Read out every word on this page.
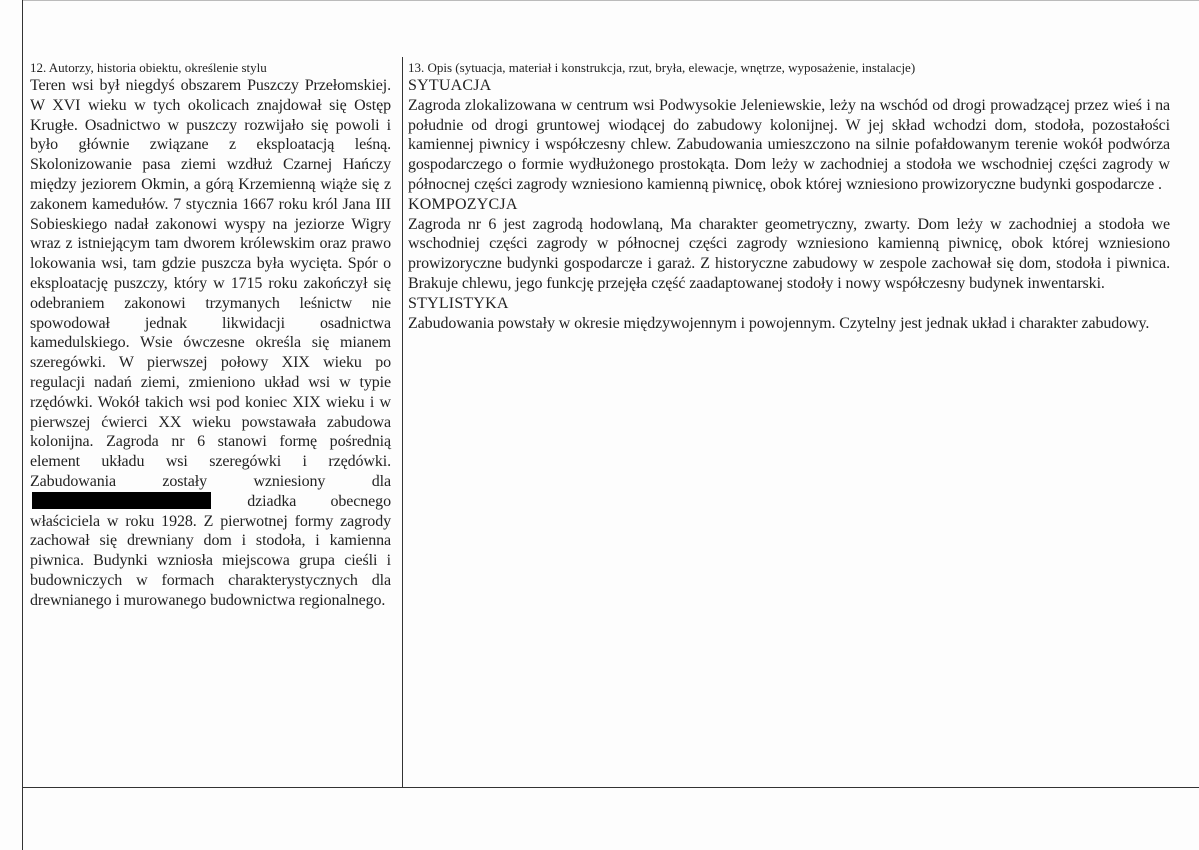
12. Autorzy, historia obiektu, określenie stylu

Teren wsi był niegdyś obszarem Puszczy Przełomskiej. W XVI wieku w tych okolicach znajdował się Ostęp Krugłe. Osadnictwo w puszczy rozwijało się powoli i było głównie związane z eksploatacją leśną. Skolonizowanie pasa ziemi wzdłuż Czarnej Hańczy między jeziorem Okmin, a górą Krzemienną wiąże się z zakonem kamedułów. 7 stycznia 1667 roku król Jana III Sobieskiego nadał zakonowi wyspy na jeziorze Wigry wraz z istniejącym tam dworem królewskim oraz prawo lokowania wsi, tam gdzie puszcza była wycięta. Spór o eksploatację puszczy, który w 1715 roku zakończył się odebraniem zakonowi trzymanych leśnictw nie spowodował jednak likwidacji osadnictwa kamedulskiego. Wsie ówczesne określa się mianem szeregówki. W pierwszej połowy XIX wieku po regulacji nadań ziemi, zmieniono układ wsi w typie rzędówki. Wokół takich wsi pod koniec XIX wieku i w pierwszej ćwierci XX wieku powstawała zabudowa kolonijna. Zagroda nr 6 stanowi formę pośrednią element układu wsi szeregówki i rzędówki. Zabudowania zostały wzniesiony dla  dziadka obecnego właściciela w roku 1928. Z pierwotnej formy zagrody zachował się drewniany dom i stodoła, i kamienna piwnica. Budynki wzniosła miejscowa grupa cieśli i budowniczych w formach charakterystycznych dla drewnianego i murowanego budownictwa regionalnego.

13. Opis (sytuacja, materiał i konstrukcja, rzut, bryła, elewacje, wnętrze, wyposażenie, instalacje)

SYTUACJA

Zagroda zlokalizowana w centrum wsi Podwysokie Jeleniewskie, leży na wschód od drogi prowadzącej przez wieś i na południe od drogi gruntowej wiodącej do zabudowy kolonijnej. W jej skład wchodzi dom, stodoła, pozostałości kamiennej piwnicy i współczesny chlew. Zabudowania umieszczono na silnie pofałdowanym terenie wokół podwórza gospodarczego o formie wydłużonego prostokąta. Dom leży w zachodniej a stodoła we wschodniej części zagrody w północnej części zagrody wzniesiono kamienną piwnicę, obok której wzniesiono prowizoryczne budynki gospodarcze .

KOMPOZYCJA

Zagroda nr 6 jest zagrodą hodowlaną, Ma charakter geometryczny, zwarty. Dom leży w zachodniej a stodoła we wschodniej części zagrody w północnej części zagrody wzniesiono kamienną piwnicę, obok której wzniesiono prowizoryczne budynki gospodarcze i garaż. Z historyczne zabudowy w zespole zachował się dom, stodoła i piwnica. Brakuje chlewu, jego funkcję przejęła część zaadaptowanej stodoły i nowy współczesny budynek inwentarski.

STYLISTYKA

Zabudowania powstały w okresie międzywojennym i powojennym. Czytelny jest jednak układ i charakter zabudowy.
